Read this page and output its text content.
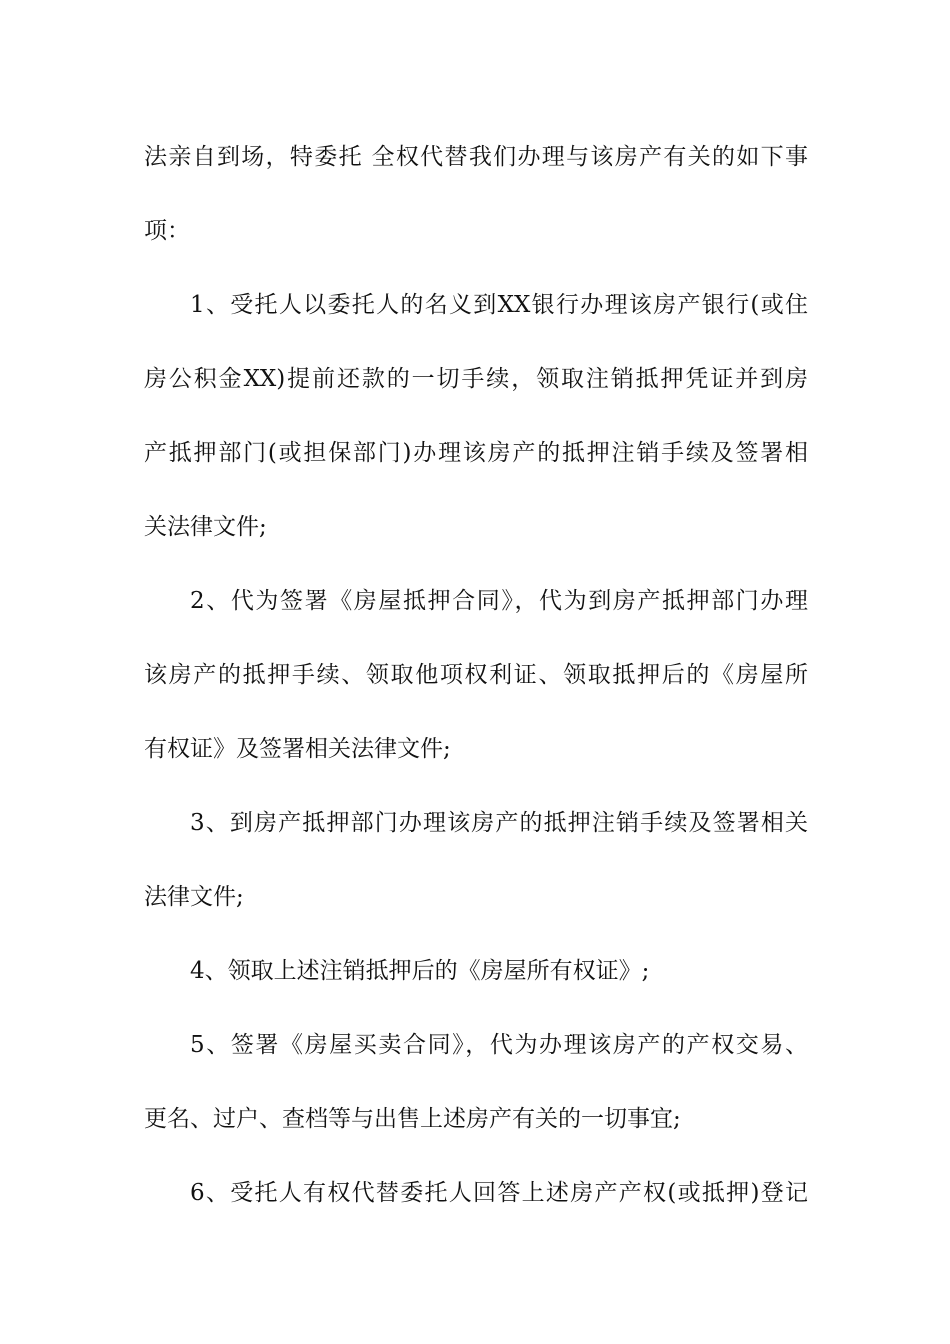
法亲自到场，特委托 全权代替我们办理与该房产有关的如下事
项：
1、受托人以委托人的名义到XX银行办理该房产银行(或住
房公积金XX)提前还款的一切手续，领取注销抵押凭证并到房
产抵押部门(或担保部门)办理该房产的抵押注销手续及签署相
关法律文件;
2、代为签署《房屋抵押合同》，代为到房产抵押部门办理
该房产的抵押手续、领取他项权利证、领取抵押后的《房屋所
有权证》及签署相关法律文件;
3、到房产抵押部门办理该房产的抵押注销手续及签署相关
法律文件;
4、领取上述注销抵押后的《房屋所有权证》;
5、签署《房屋买卖合同》，代为办理该房产的产权交易、
更名、过户、查档等与出售上述房产有关的一切事宜;
6、受托人有权代替委托人回答上述房产产权(或抵押)登记
